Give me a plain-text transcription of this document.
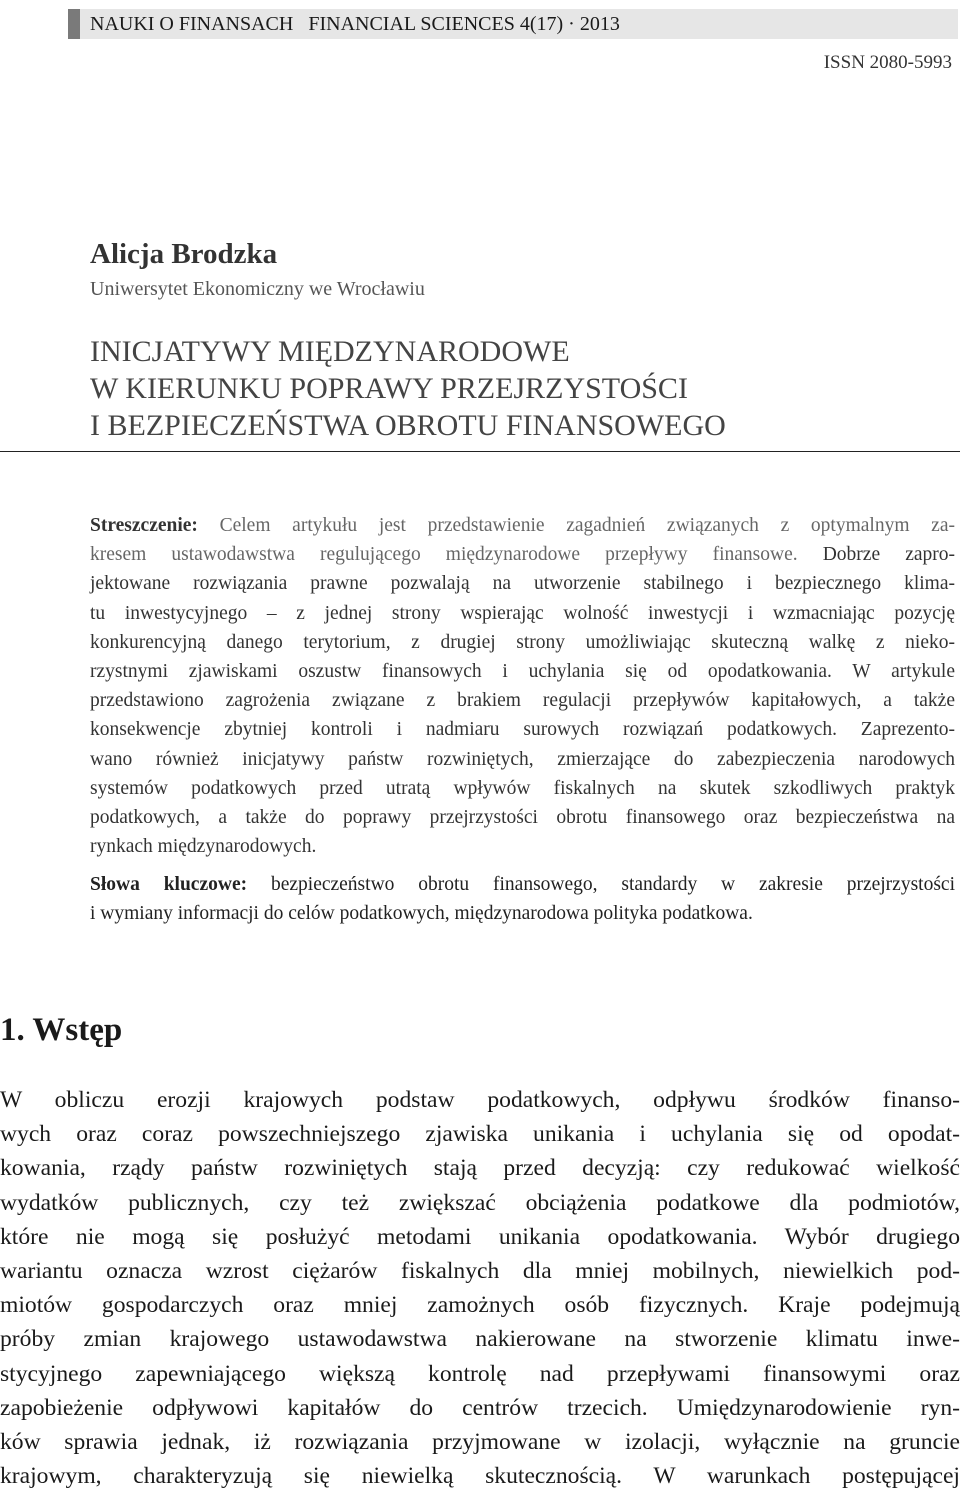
NAUKI O FINANSACH   FINANCIAL SCIENCES 4(17) · 2013
ISSN 2080-5993
Alicja Brodzka
Uniwersytet Ekonomiczny we Wrocławiu
INICJATYWY MIĘDZYNARODOWE
W KIERUNKU POPRAWY PRZEJRZYSTOŚCI
I BEZPIECZEŃSTWA OBROTU FINANSOWEGO
Streszczenie: Celem artykułu jest przedstawienie zagadnień związanych z optymalnym za-
kresem ustawodawstwa regulującego międzynarodowe przepływy finansowe. Dobrze zapro-
jektowane rozwiązania prawne pozwalają na utworzenie stabilnego i bezpiecznego klima-
tu inwestycyjnego – z jednej strony wspierając wolność inwestycji i wzmacniając pozycję
konkurencyjną danego terytorium, z drugiej strony umożliwiając skuteczną walkę z nieko-
rzystnymi zjawiskami oszustw finansowych i uchylania się od opodatkowania. W artykule
przedstawiono zagrożenia związane z brakiem regulacji przepływów kapitałowych, a także
konsekwencje zbytniej kontroli i nadmiaru surowych rozwiązań podatkowych. Zaprezento-
wano również inicjatywy państw rozwiniętych, zmierzające do zabezpieczenia narodowych
systemów podatkowych przed utratą wpływów fiskalnych na skutek szkodliwych praktyk
podatkowych, a także do poprawy przejrzystości obrotu finansowego oraz bezpieczeństwa na
rynkach międzynarodowych.
Słowa kluczowe: bezpieczeństwo obrotu finansowego, standardy w zakresie przejrzystości
i wymiany informacji do celów podatkowych, międzynarodowa polityka podatkowa.
1. Wstęp
W obliczu erozji krajowych podstaw podatkowych, odpływu środków finanso-
wych oraz coraz powszechniejszego zjawiska unikania i uchylania się od opodat-
kowania, rządy państw rozwiniętych stają przed decyzją: czy redukować wielkość
wydatków publicznych, czy też zwiększać obciążenia podatkowe dla podmiotów,
które nie mogą się posłużyć metodami unikania opodatkowania. Wybór drugiego
wariantu oznacza wzrost ciężarów fiskalnych dla mniej mobilnych, niewielkich pod-
miotów gospodarczych oraz mniej zamożnych osób fizycznych. Kraje podejmują
próby zmian krajowego ustawodawstwa nakierowane na stworzenie klimatu inwe-
stycyjnego zapewniającego większą kontrolę nad przepływami finansowymi oraz
zapobieżenie odpływowi kapitałów do centrów trzecich. Umiędzynarodowienie ryn-
ków sprawia jednak, iż rozwiązania przyjmowane w izolacji, wyłącznie na gruncie
krajowym, charakteryzują się niewielką skutecznością. W warunkach postępującej
